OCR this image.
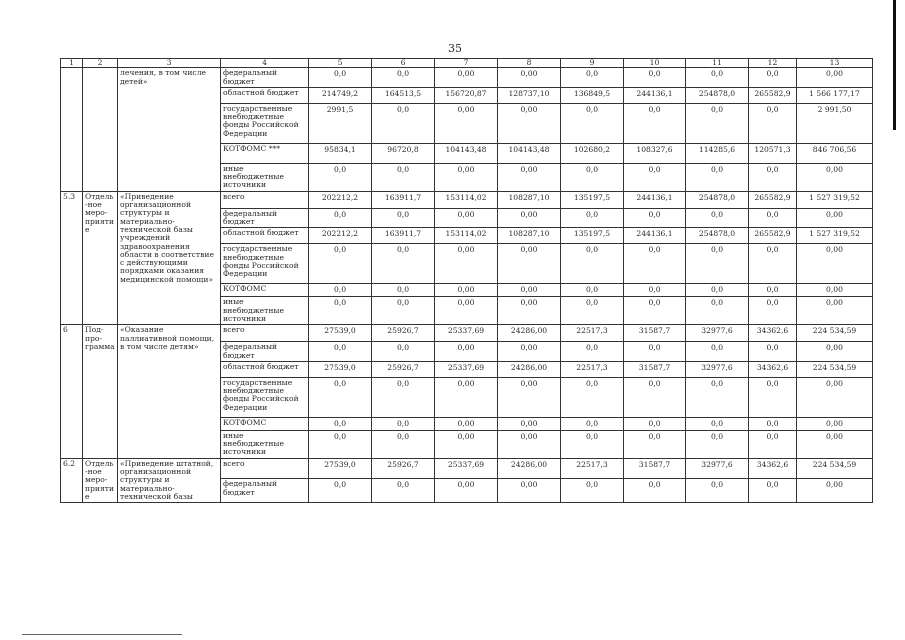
35
1	2	3	4	5	6	7	8	9	10	11	12	13
		лечения, в том числе детей»	федеральный бюджет	0,0	0,0	0,00	0,00	0,0	0,0	0,0	0,0	0,00
			областной бюджет	214749,2	164513,5	156720,87	128737,10	136849,5	244136,1	254878,0	265582,9	1 566 177,17
			государственные внебюджетные фонды Российской Федерации	2991,5	0,0	0,00	0,00	0,0	0,0	0,0	0,0	2 991,50
			КОТФОМС ***	95834,1	96720,8	104143,48	104143,48	102680,2	108327,6	114285,6	120571,3	846 706,56
			иные внебюджетные источники	0,0	0,0	0,00	0,00	0,0	0,0	0,0	0,0	0,00
5.3	Отдель-ное меро-приятие	«Приведение организационной структуры и материально-технической базы учреждений здравоохранения области в соответствие с действующими порядками оказания медицинской помощи»	всего	202212,2	163911,7	153114,02	108287,10	135197,5	244136,1	254878,0	265582,9	1 527 319,52
			федеральный бюджет	0,0	0,0	0,00	0,00	0,0	0,0	0,0	0,0	0,00
			областной бюджет	202212,2	163911,7	153114,02	108287,10	135197,5	244136,1	254878,0	265582,9	1 527 319,52
			государственные внебюджетные фонды Российской Федерации	0,0	0,0	0,00	0,00	0,0	0,0	0,0	0,0	0,00
			КОТФОМС	0,0	0,0	0,00	0,00	0,0	0,0	0,0	0,0	0,00
			иные внебюджетные источники	0,0	0,0	0,00	0,00	0,0	0,0	0,0	0,0	0,00
6	Под-про-грамма	«Оказание паллиативной помощи, в том числе детям»	всего	27539,0	25926,7	25337,69	24286,00	22517,3	31587,7	32977,6	34362,6	224 534,59
			федеральный бюджет	0,0	0,0	0,00	0,00	0,0	0,0	0,0	0,0	0,00
			областной бюджет	27539,0	25926,7	25337,69	24286,00	22517,3	31587,7	32977,6	34362,6	224 534,59
			государственные внебюджетные фонды Российской Федерации	0,0	0,0	0,00	0,00	0,0	0,0	0,0	0,0	0,00
			КОТФОМС	0,0	0,0	0,00	0,00	0,0	0,0	0,0	0,0	0,00
			иные внебюджетные источники	0,0	0,0	0,00	0,00	0,0	0,0	0,0	0,0	0,00
6.2	Отдель-ное меро-приятие	«Приведение штатной, организационной структуры и материально-технической базы	всего	27539,0	25926,7	25337,69	24286,00	22517,3	31587,7	32977,6	34362,6	224 534,59
			федеральный бюджет	0,0	0,0	0,00	0,00	0,0	0,0	0,0	0,0	0,00
